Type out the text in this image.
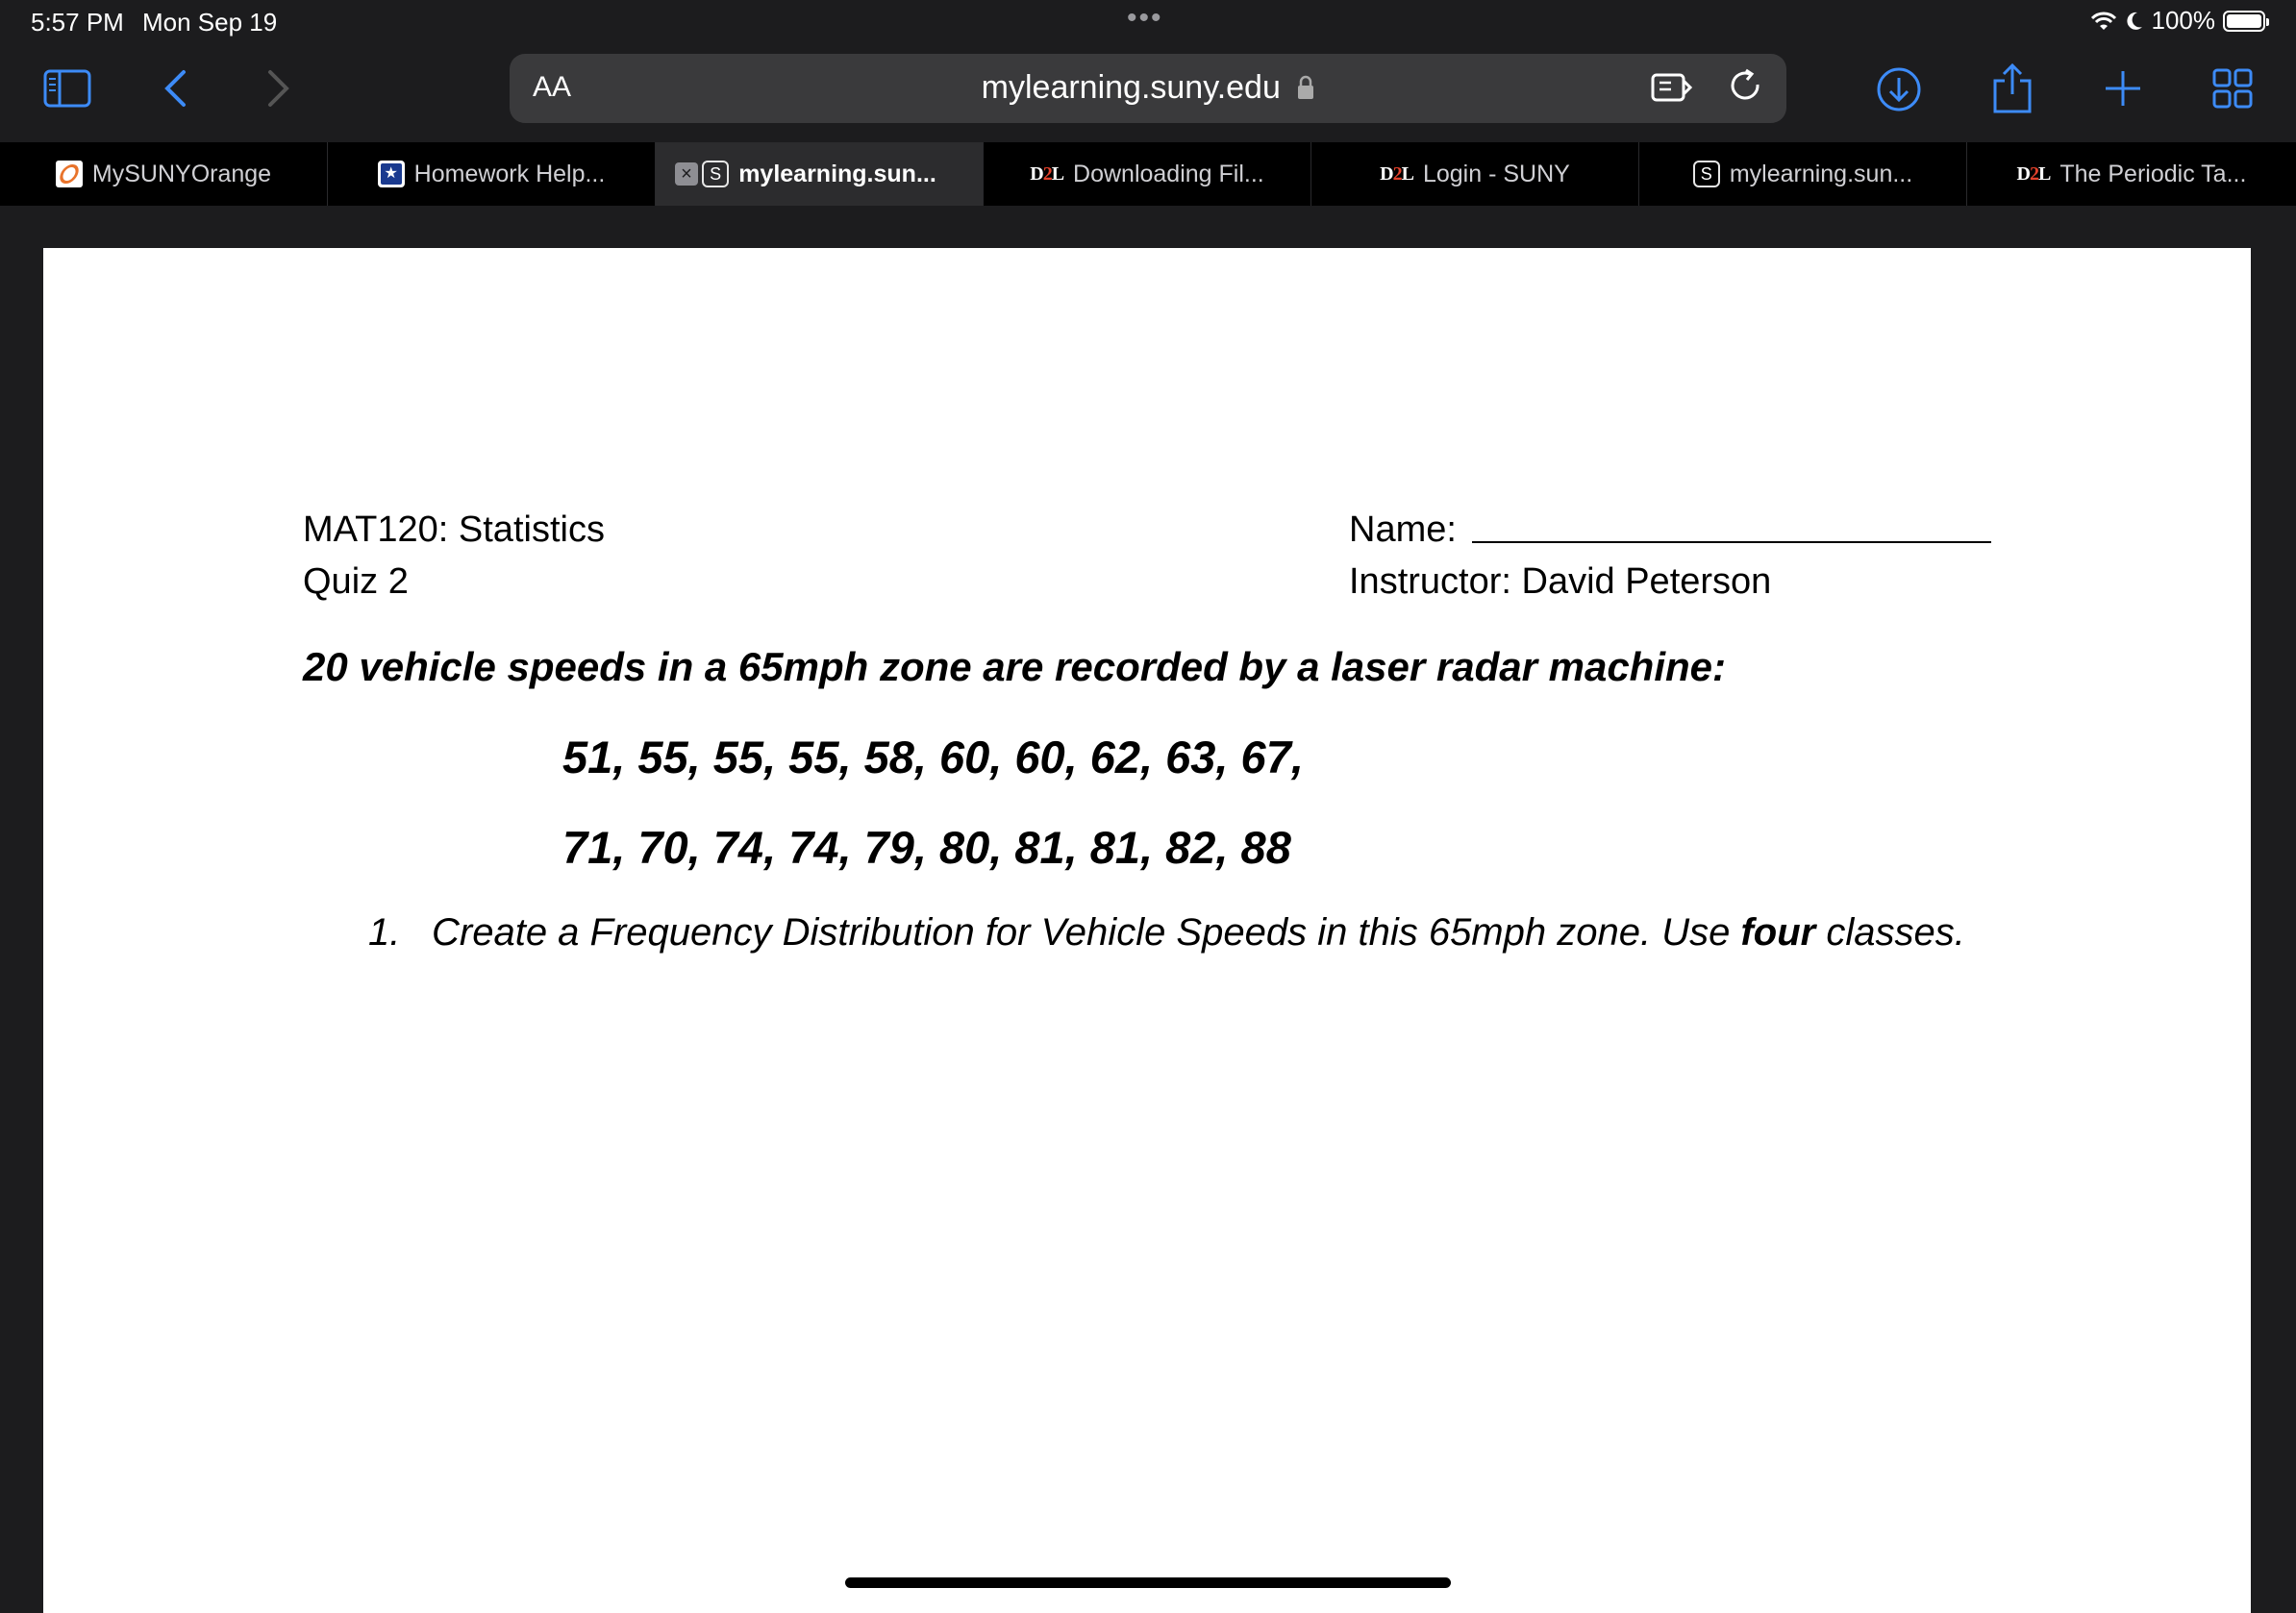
5:57 PM Mon Sep 19	•••	100%
AA	mylearning.suny.edu
MySUNYOrange	★ Homework Help...	×	S mylearning.sun...	D2L Downloading Fil...	D2L Login - SUNY	S mylearning.sun...	D2L The Periodic Ta...
MAT120: Statistics
Quiz 2
Name:
Instructor: David Peterson
20 vehicle speeds in a 65mph zone are recorded by a laser radar machine:
51, 55, 55, 55, 58, 60, 60, 62, 63, 67,
71, 70, 74, 74, 79, 80, 81, 81, 82, 88
1. Create a Frequency Distribution for Vehicle Speeds in this 65mph zone. Use four classes.
